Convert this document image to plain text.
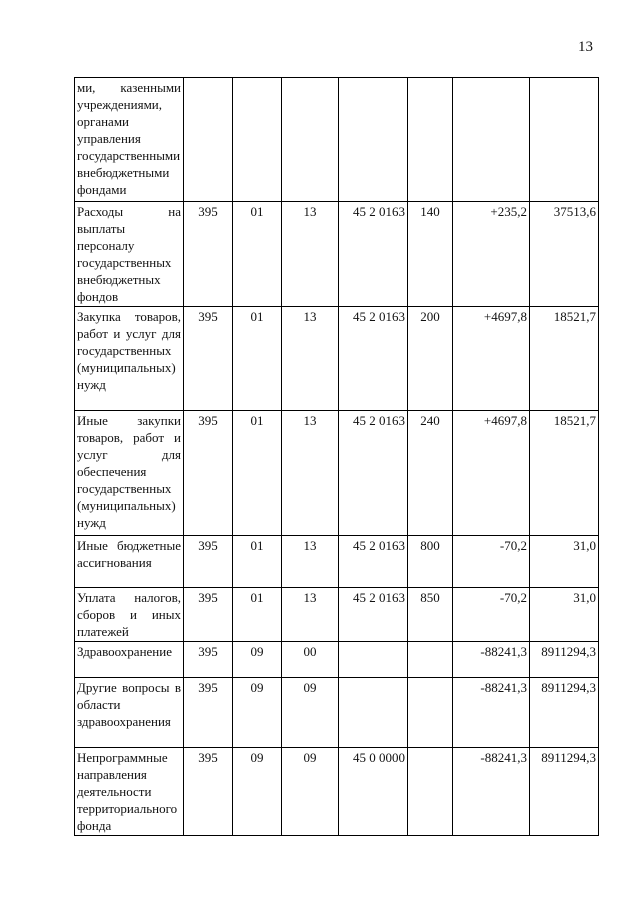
13
ми, казенными учреждениями, органами управления государственными внебюджетными фондами							
Расходы на выплаты персоналу государственных внебюджетных фондов	395	01	13	45 2 0163	140	+235,2	37513,6
Закупка товаров, работ и услуг для государственных (муниципальных) нужд	395	01	13	45 2 0163	200	+4697,8	18521,7
Иные закупки товаров, работ и услуг для обеспечения государственных (муниципальных) нужд	395	01	13	45 2 0163	240	+4697,8	18521,7
Иные бюджетные ассигнования	395	01	13	45 2 0163	800	-70,2	31,0
Уплата налогов, сборов и иных платежей	395	01	13	45 2 0163	850	-70,2	31,0
Здравоохранение	395	09	00			-88241,3	8911294,3
Другие вопросы в области здравоохранения	395	09	09			-88241,3	8911294,3
Непрограммные направления деятельности территориального фонда	395	09	09	45 0 0000		-88241,3	8911294,3
